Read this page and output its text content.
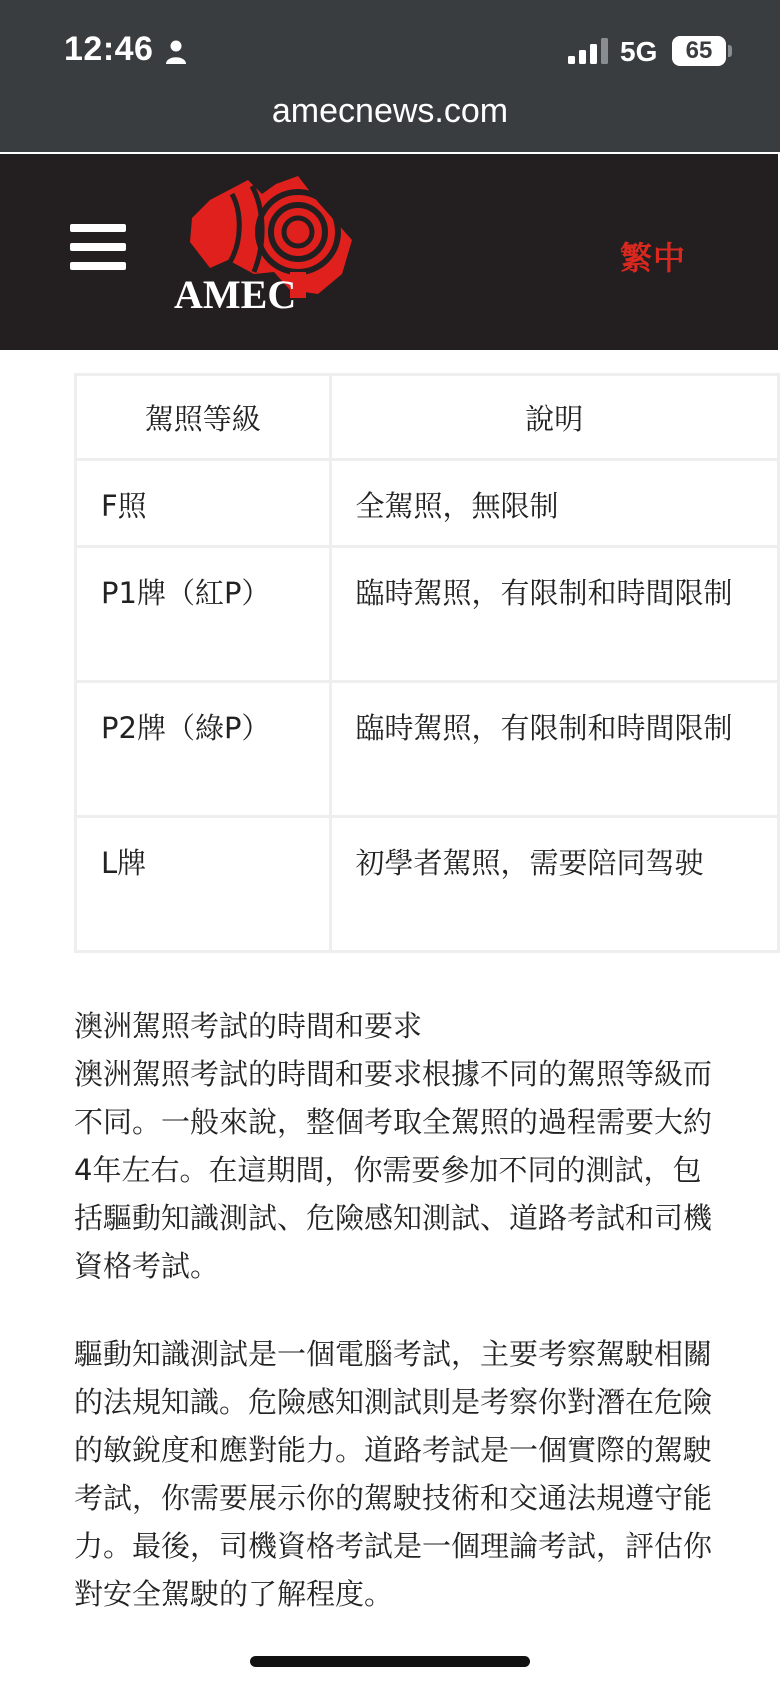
12:46	5G	65
amecnews.com
AMEC
繁中
駕照等級	說明
F照	全駕照，無限制
P1牌（紅P）	臨時駕照，有限制和時間限制
P2牌（綠P）	臨時駕照，有限制和時間限制
L牌	初學者駕照，需要陪同驾驶
澳洲駕照考試的時間和要求
澳洲駕照考試的時間和要求根據不同的駕照等級而不同。一般來說，整個考取全駕照的過程需要大約4年左右。在這期間，你需要參加不同的測試，包括驅動知識測試、危險感知測試、道路考試和司機資格考試。
驅動知識測試是一個電腦考試，主要考察駕駛相關的法規知識。危險感知測試則是考察你對潛在危險的敏銳度和應對能力。道路考試是一個實際的駕駛考試，你需要展示你的駕駛技術和交通法規遵守能力。最後，司機資格考試是一個理論考試，評估你對安全駕駛的了解程度。
